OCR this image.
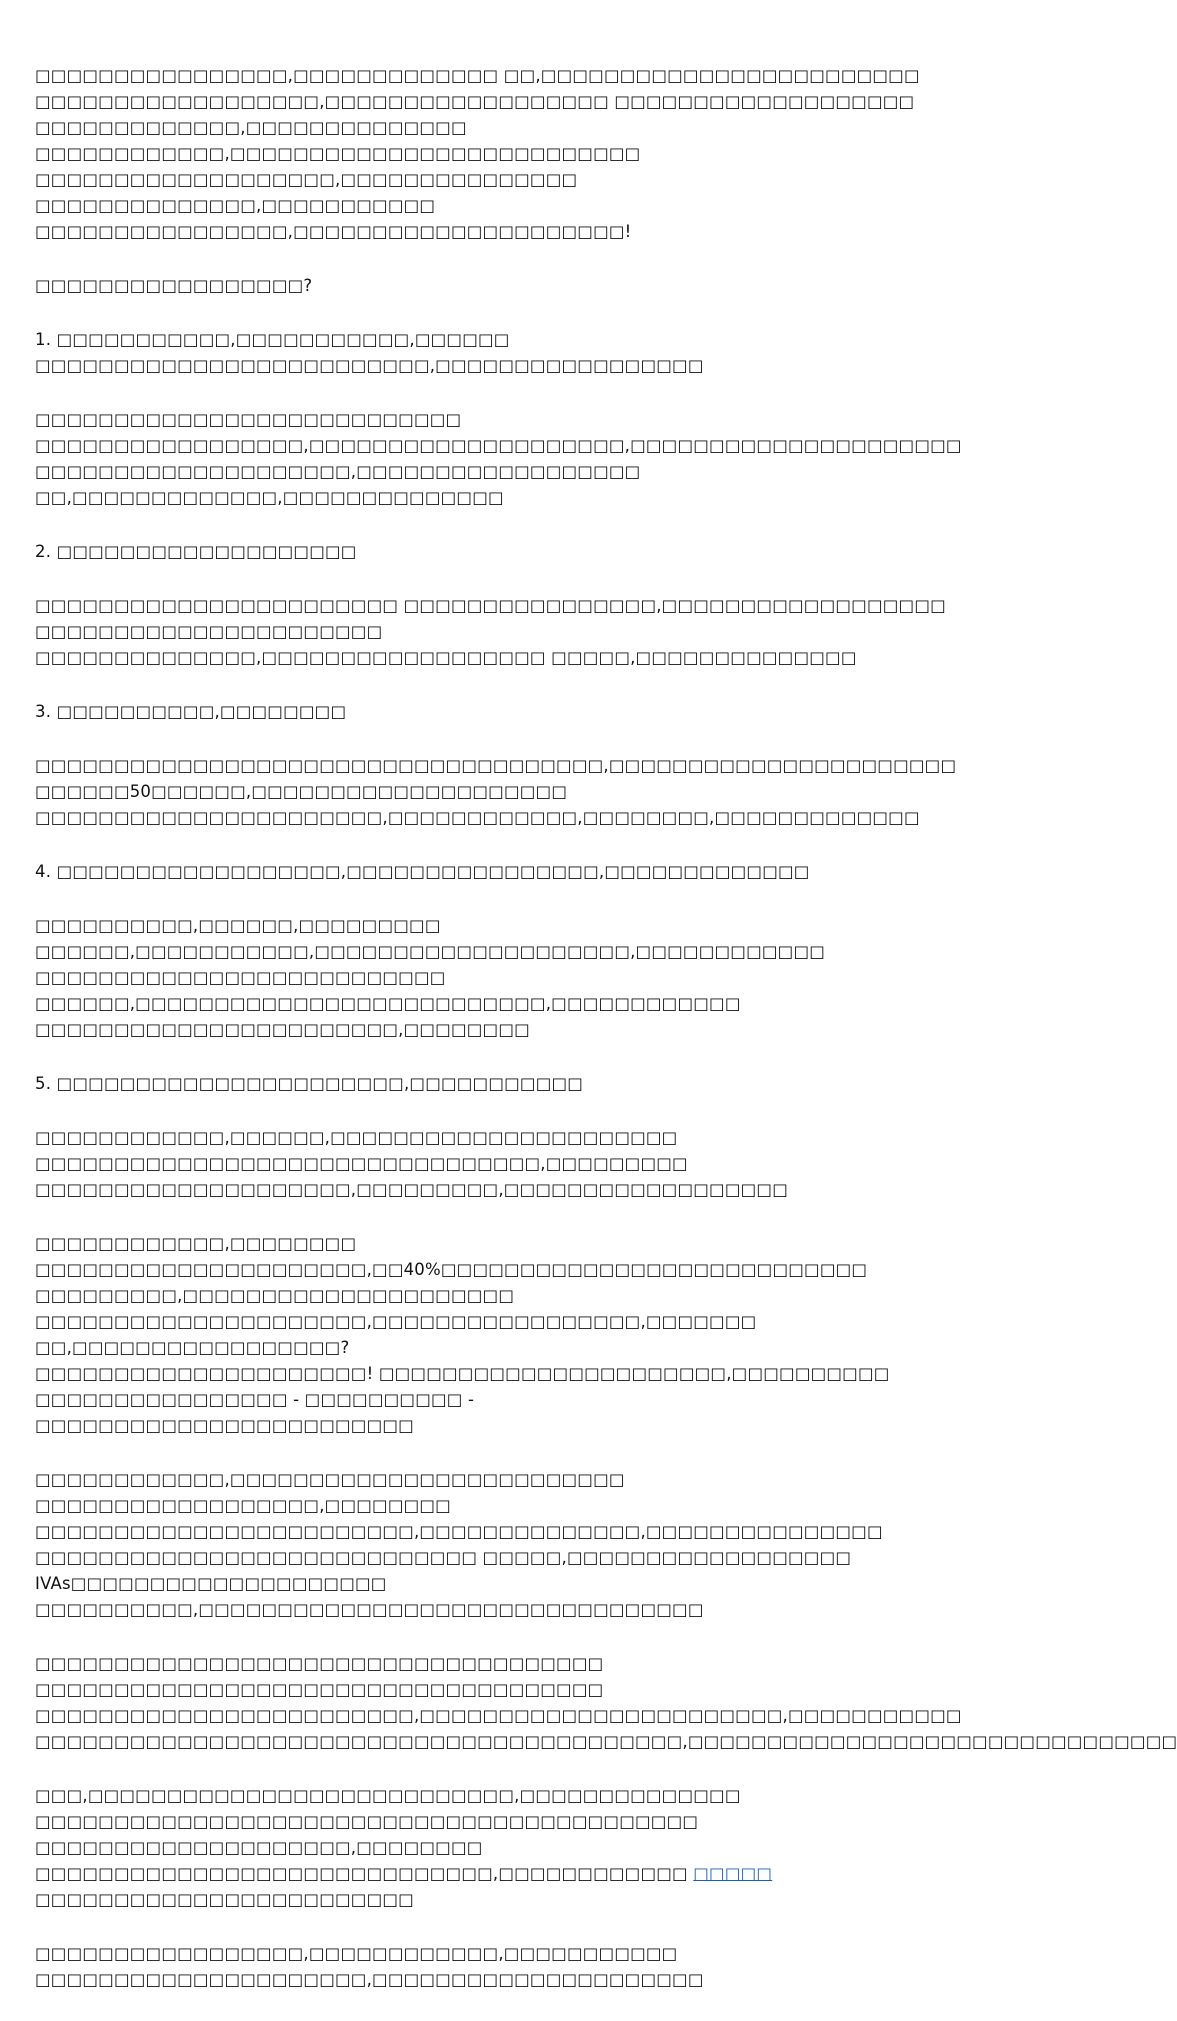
□□□□□□□□□□□□□□□□,□□□□□□□□□□□□□ □□,□□□□□□□□□□□□□□□□□□□□□□□□
□□□□□□□□□□□□□□□□□□,□□□□□□□□□□□□□□□□□□ □□□□□□□□□□□□□□□□□□□ □□□□□□□□□□□□□,□□□□□□□□□□□□□□
□□□□□□□□□□□□,□□□□□□□□□□□□□□□□□□□□□□□□□□ □□□□□□□□□□□□□□□□□□□,□□□□□□□□□□□□□□□
□□□□□□□□□□□□□□,□□□□□□□□□□□ □□□□□□□□□□□□□□□□,□□□□□□□□□□□□□□□□□□□□□!

□□□□□□□□□□□□□□□□□?

1. □□□□□□□□□□□,□□□□□□□□□□□,□□□□□□ □□□□□□□□□□□□□□□□□□□□□□□□□,□□□□□□□□□□□□□□□□□

□□□□□□□□□□□□□□□□□□□□□□□□□□□ □□□□□□□□□□□□□□□□□,□□□□□□□□□□□□□□□□□□□□,□□□□□□□□□□□□□□□□□□□□□
□□□□□□□□□□□□□□□□□□□□,□□□□□□□□□□□□□□□□□□ □□,□□□□□□□□□□□□□,□□□□□□□□□□□□□□

2. □□□□□□□□□□□□□□□□□□□

□□□□□□□□□□□□□□□□□□□□□□□ □□□□□□□□□□□□□□□□,□□□□□□□□□□□□□□□□□□ □□□□□□□□□□□□□□□□□□□□□□
□□□□□□□□□□□□□□,□□□□□□□□□□□□□□□□□□ □□□□□,□□□□□□□□□□□□□□

3. □□□□□□□□□□,□□□□□□□□

□□□□□□□□□□□□□□□□□□□□□□□□□□□□□□□□□□□□,□□□□□□□□□□□□□□□□□□□□□□ □□□□□□50□□□□□□,□□□□□□□□□□□□□□□□□□□□
□□□□□□□□□□□□□□□□□□□□□□,□□□□□□□□□□□□,□□□□□□□□,□□□□□□□□□□□□□

4. □□□□□□□□□□□□□□□□□□,□□□□□□□□□□□□□□□□,□□□□□□□□□□□□□

□□□□□□□□□□,□□□□□□,□□□□□□□□□ □□□□□□,□□□□□□□□□□□,□□□□□□□□□□□□□□□□□□□□,□□□□□□□□□□□□
□□□□□□□□□□□□□□□□□□□□□□□□□□ □□□□□□,□□□□□□□□□□□□□□□□□□□□□□□□□□,□□□□□□□□□□□□
□□□□□□□□□□□□□□□□□□□□□□□,□□□□□□□□

5. □□□□□□□□□□□□□□□□□□□□□□,□□□□□□□□□□□

□□□□□□□□□□□□,□□□□□□,□□□□□□□□□□□□□□□□□□□□□□ □□□□□□□□□□□□□□□□□□□□□□□□□□□□□□□□,□□□□□□□□□
□□□□□□□□□□□□□□□□□□□□,□□□□□□□□□,□□□□□□□□□□□□□□□□□□

□□□□□□□□□□□□,□□□□□□□□ □□□□□□□□□□□□□□□□□□□□□,□□40%□□□□□□□□□□□□□□□□□□□□□□□□□□□
□□□□□□□□□,□□□□□□□□□□□□□□□□□□□□□ □□□□□□□□□□□□□□□□□□□□□,□□□□□□□□□□□□□□□□□,□□□□□□□ □□,□□□□□□□□□□□□□□□□□?
□□□□□□□□□□□□□□□□□□□□□! □□□□□□□□□□□□□□□□□□□□□□,□□□□□□□□□□ □□□□□□□□□□□□□□□□ - □□□□□□□□□□ -
□□□□□□□□□□□□□□□□□□□□□□□□

□□□□□□□□□□□□,□□□□□□□□□□□□□□□□□□□□□□□□□ □□□□□□□□□□□□□□□□□□,□□□□□□□□
□□□□□□□□□□□□□□□□□□□□□□□□,□□□□□□□□□□□□□□,□□□□□□□□□□□□□□□ □□□□□□□□□□□□□□□□□□□□□□□□□□□□ □□□□□,□□□□□□□□□□□□□□□□□□
IVAs□□□□□□□□□□□□□□□□□□□□ □□□□□□□□□□,□□□□□□□□□□□□□□□□□□□□□□□□□□□□□□□□

□□□□□□□□□□□□□□□□□□□□□□□□□□□□□□□□□□□□ □□□□□□□□□□□□□□□□□□□□□□□□□□□□□□□□□□□□
□□□□□□□□□□□□□□□□□□□□□□□□,□□□□□□□□□□□□□□□□□□□□□□□,□□□□□□□□□□□
□□□□□□□□□□□□□□□□□□□□□□□□□□□□□□□□□□□□□□□□□,□□□□□□□□□□□□□□□□□□□□□□□□□□□□□□□

□□□,□□□□□□□□□□□□□□□□□□□□□□□□□□□,□□□□□□□□□□□□□□ □□□□□□□□□□□□□□□□□□□□□□□□□□□□□□□□□□□□□□□□□□
□□□□□□□□□□□□□□□□□□□□,□□□□□□□□ □□□□□□□□□□□□□□□□□□□□□□□□□□□□□,□□□□□□□□□□□□ □□□□□ □□□□□□□□□□□□□□□□□□□□□□□□

□□□□□□□□□□□□□□□□□,□□□□□□□□□□□□,□□□□□□□□□□□ □□□□□□□□□□□□□□□□□□□□□,□□□□□□□□□□□□□□□□□□□□□
